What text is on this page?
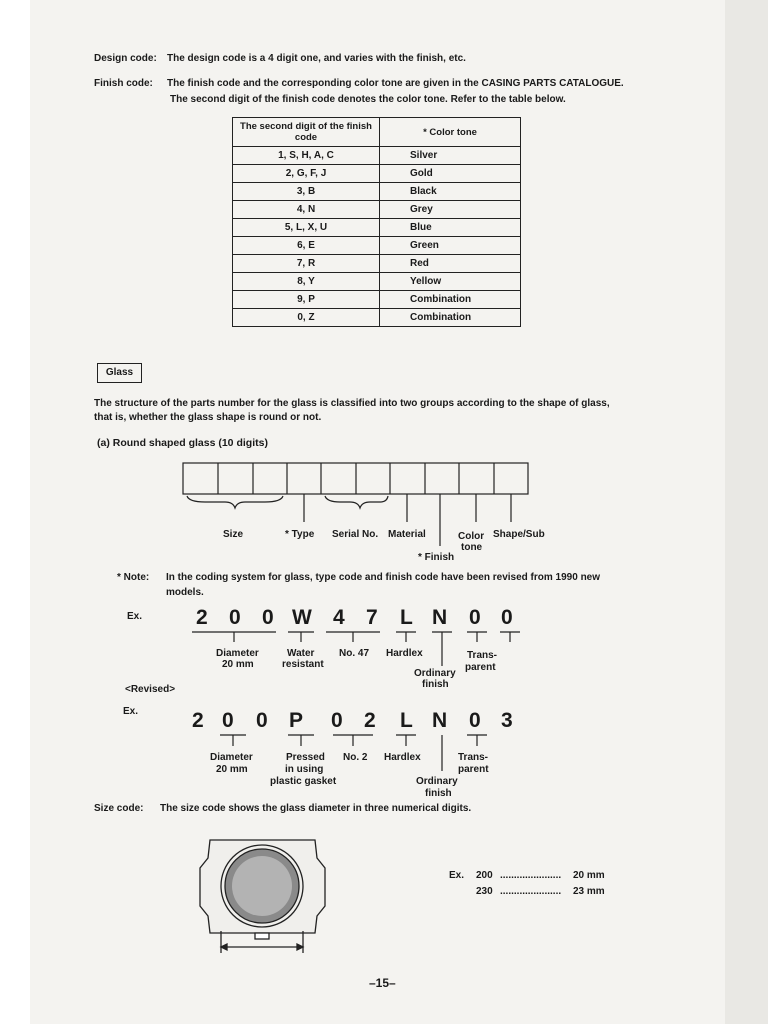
Design code: The design code is a 4 digit one, and varies with the finish, etc.
Finish code: The finish code and the corresponding color tone are given in the CASING PARTS CATALOGUE.
The second digit of the finish code denotes the color tone. Refer to the table below.
The second digit of the finish code	* Color tone
1, S, H, A, C	Silver
2, G, F, J	Gold
3, B	Black
4, N	Grey
5, L, X, U	Blue
6, E	Green
7, R	Red
8, Y	Yellow
9, P	Combination
0, Z	Combination
Glass
The structure of the parts number for the glass is classified into two groups according to the shape of glass,
that is, whether the glass shape is round or not.
(a) Round shaped glass (10 digits)
Size	* Type Serial No. Material	Color
tone
Shape/Sub
* Finish
* Note: In the coding system for glass, type code and finish code have been revised from 1990 new
models.
Ex.	2 0 0 W 4 7 L N 0 0
Diameter
20 mm
Water
resistant
No. 47 Hardlex
Ordinary
finish
Trans-
parent
<Revised>
Ex.	2 0 0 P 0 2 L N 0 3
Diameter
20 mm
Pressed
in using
plastic gasket
No. 2 Hardlex
Ordinary
finish
Trans-
parent
Size code: The size code shows the glass diameter in three numerical digits.
Ex. 200 ...................... 20 mm
230 ...................... 23 mm
–15–
